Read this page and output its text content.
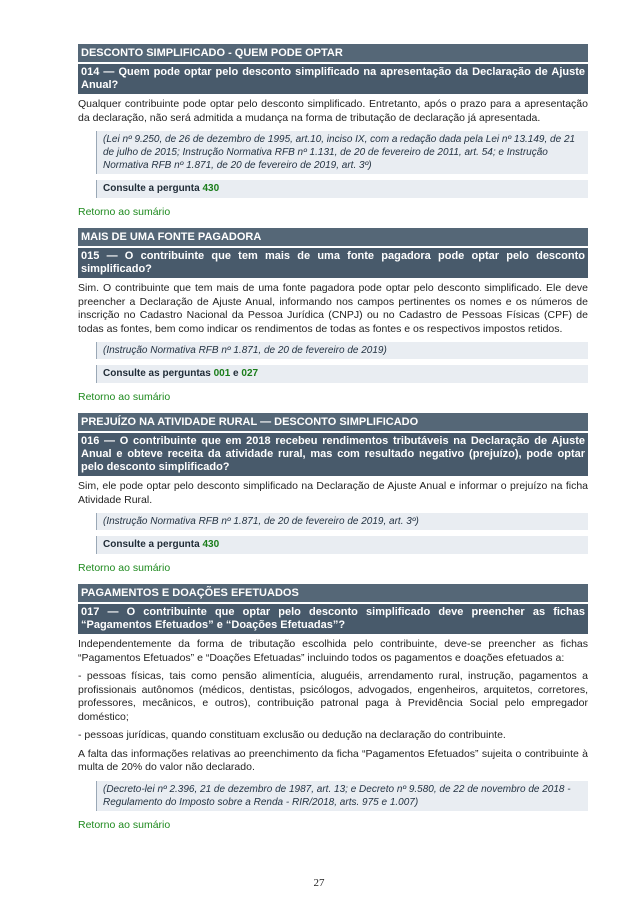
DESCONTO SIMPLIFICADO - QUEM PODE OPTAR
014 — Quem pode optar pelo desconto simplificado na apresentação da Declaração de Ajuste Anual?

Qualquer contribuinte pode optar pelo desconto simplificado. Entretanto, após o prazo para a apresentação da declaração, não será admitida a mudança na forma de tributação de declaração já apresentada.

(Lei nº 9.250, de 26 de dezembro de 1995, art.10, inciso IX, com a redação dada pela Lei nº 13.149, de 21 de julho de 2015; Instrução Normativa RFB nº 1.131, de 20 de fevereiro de 2011, art. 54; e Instrução Normativa RFB nº 1.871, de 20 de fevereiro de 2019, art. 3º)
Consulte a pergunta 430
Retorno ao sumário
MAIS DE UMA FONTE PAGADORA
015 — O contribuinte que tem mais de uma fonte pagadora pode optar pelo desconto simplificado?

Sim. O contribuinte que tem mais de uma fonte pagadora pode optar pelo desconto simplificado. Ele deve preencher a Declaração de Ajuste Anual, informando nos campos pertinentes os nomes e os números de inscrição no Cadastro Nacional da Pessoa Jurídica (CNPJ) ou no Cadastro de Pessoas Físicas (CPF) de todas as fontes, bem como indicar os rendimentos de todas as fontes e os respectivos impostos retidos.

(Instrução Normativa RFB nº 1.871, de 20 de fevereiro de 2019)
Consulte as perguntas 001 e 027
Retorno ao sumário
PREJUÍZO NA ATIVIDADE RURAL — DESCONTO SIMPLIFICADO
016 — O contribuinte que em 2018 recebeu rendimentos tributáveis na Declaração de Ajuste Anual e obteve receita da atividade rural, mas com resultado negativo (prejuízo), pode optar pelo desconto simplificado?

Sim, ele pode optar pelo desconto simplificado na Declaração de Ajuste Anual e informar o prejuízo na ficha Atividade Rural.

(Instrução Normativa RFB nº 1.871, de 20 de fevereiro de 2019, art. 3º)
Consulte a pergunta 430
Retorno ao sumário
PAGAMENTOS E DOAÇÕES EFETUADOS
017 — O contribuinte que optar pelo desconto simplificado deve preencher as fichas “Pagamentos Efetuados” e “Doações Efetuadas”?

Independentemente da forma de tributação escolhida pelo contribuinte, deve-se preencher as fichas “Pagamentos Efetuados” e “Doações Efetuadas” incluindo todos os pagamentos e doações efetuados a:

- pessoas físicas, tais como pensão alimentícia, aluguéis, arrendamento rural, instrução, pagamentos a profissionais autônomos (médicos, dentistas, psicólogos, advogados, engenheiros, arquitetos, corretores, professores, mecânicos, e outros), contribuição patronal paga à Previdência Social pelo empregador doméstico;

- pessoas jurídicas, quando constituam exclusão ou dedução na declaração do contribuinte.

A falta das informações relativas ao preenchimento da ficha “Pagamentos Efetuados” sujeita o contribuinte à multa de 20% do valor não declarado.

(Decreto-lei nº 2.396, 21 de dezembro de 1987, art. 13; e Decreto nº 9.580, de 22 de novembro de 2018 - Regulamento do Imposto sobre a Renda - RIR/2018, arts. 975 e 1.007)
Retorno ao sumário
27
